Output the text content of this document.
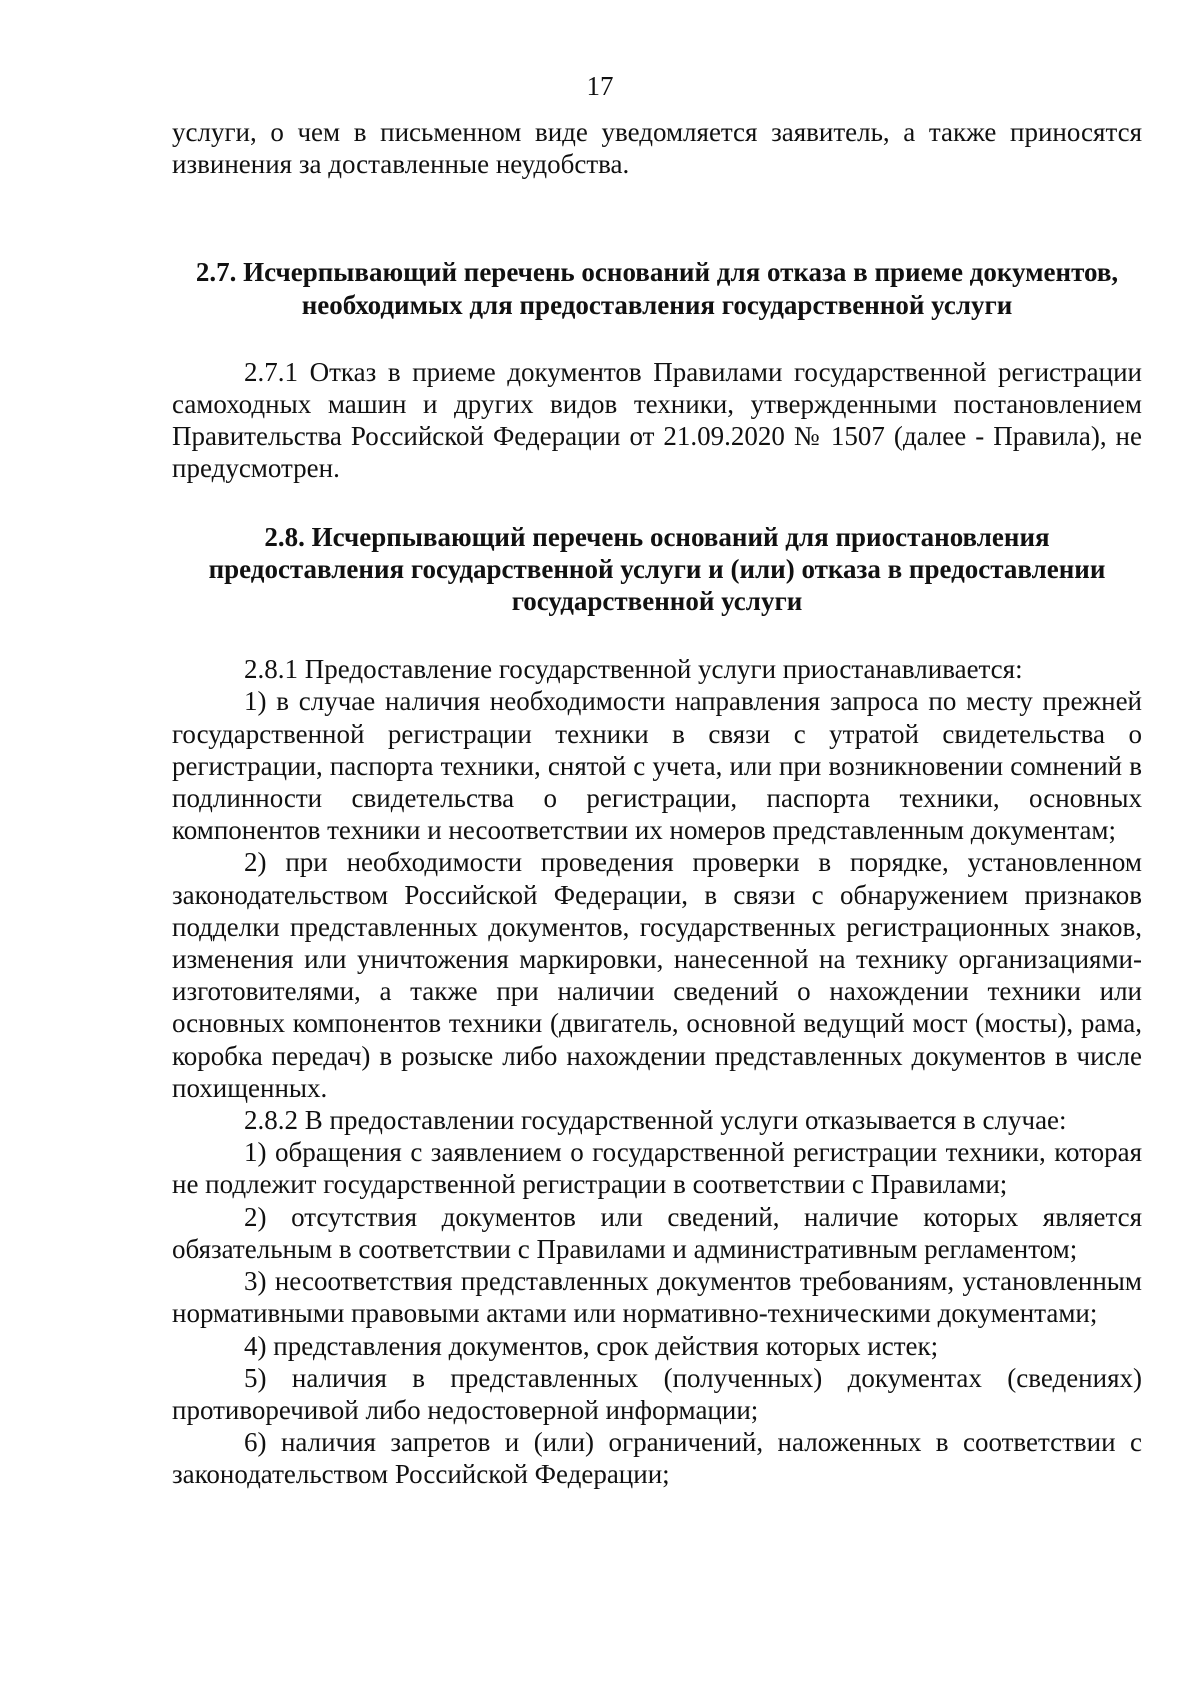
17

услуги, о чем в письменном виде уведомляется заявитель, а также приносятся извинения за доставленные неудобства.

2.7. Исчерпывающий перечень оснований для отказа в приеме документов, необходимых для предоставления государственной услуги

2.7.1 Отказ в приеме документов Правилами государственной регистрации самоходных машин и других видов техники, утвержденными постановлением Правительства Российской Федерации от 21.09.2020 № 1507 (далее - Правила), не предусмотрен.

2.8. Исчерпывающий перечень оснований для приостановления предоставления государственной услуги и (или) отказа в предоставлении государственной услуги

2.8.1 Предоставление государственной услуги приостанавливается:

1) в случае наличия необходимости направления запроса по месту прежней государственной регистрации техники в связи с утратой свидетельства о регистрации, паспорта техники, снятой с учета, или при возникновении сомнений в подлинности свидетельства о регистрации, паспорта техники, основных компонентов техники и несоответствии их номеров представленным документам;

2) при необходимости проведения проверки в порядке, установленном законодательством Российской Федерации, в связи с обнаружением признаков подделки представленных документов, государственных регистрационных знаков, изменения или уничтожения маркировки, нанесенной на технику организациями-изготовителями, а также при наличии сведений о нахождении техники или основных компонентов техники (двигатель, основной ведущий мост (мосты), рама, коробка передач) в розыске либо нахождении представленных документов в числе похищенных.

2.8.2 В предоставлении государственной услуги отказывается в случае:

1) обращения с заявлением о государственной регистрации техники, которая не подлежит государственной регистрации в соответствии с Правилами;

2) отсутствия документов или сведений, наличие которых является обязательным в соответствии с Правилами и административным регламентом;

3) несоответствия представленных документов требованиям, установленным нормативными правовыми актами или нормативно-техническими документами;

4) представления документов, срок действия которых истек;

5) наличия в представленных (полученных) документах (сведениях) противоречивой либо недостоверной информации;

6) наличия запретов и (или) ограничений, наложенных в соответствии с законодательством Российской Федерации;
